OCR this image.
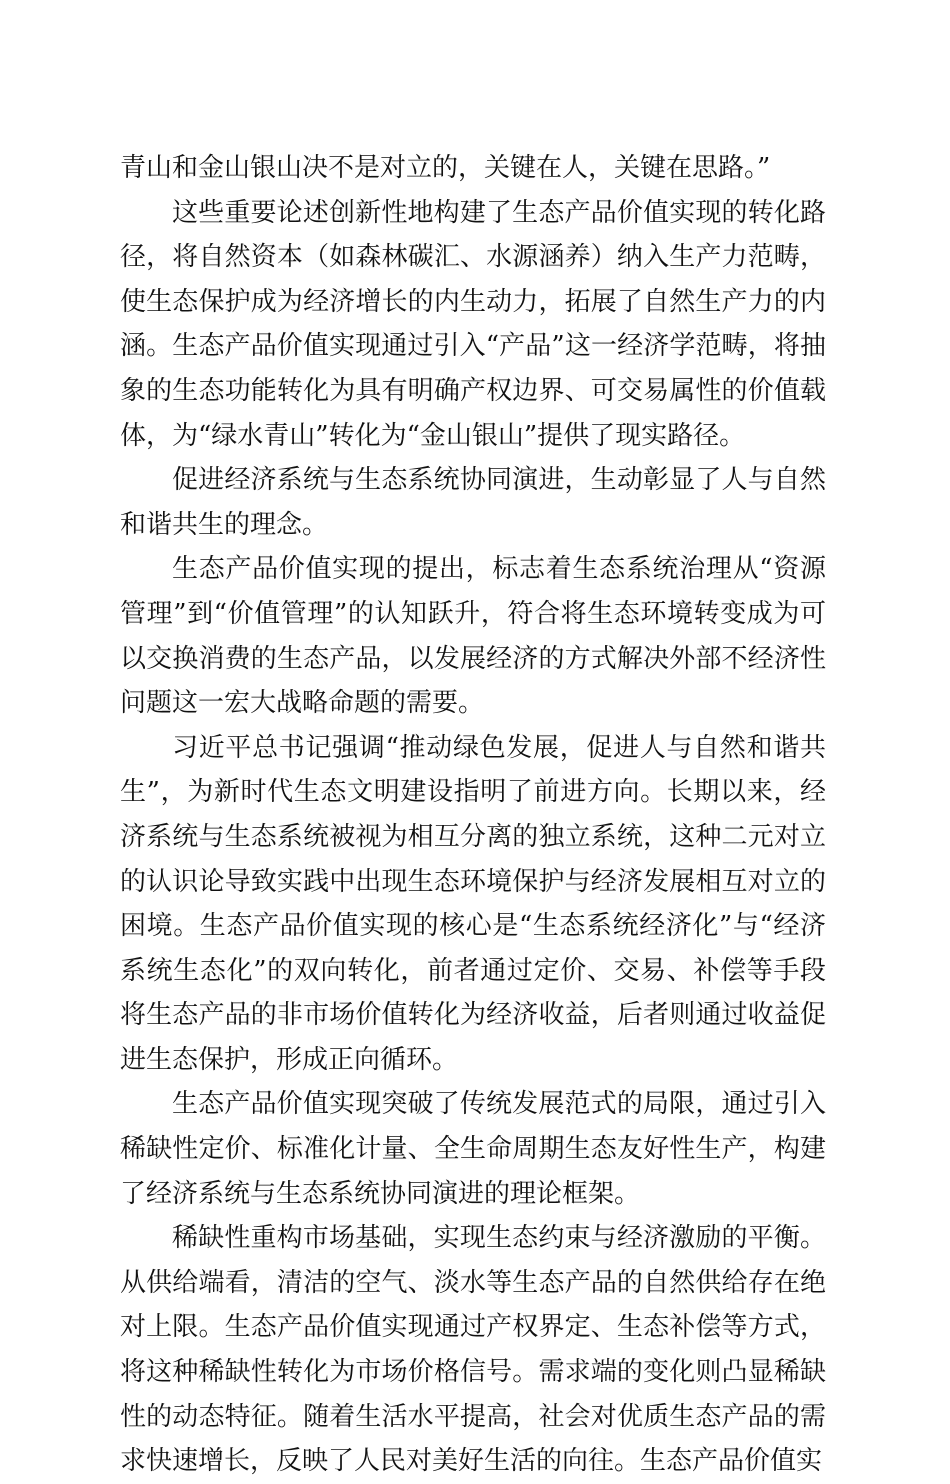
青山和金山银山决不是对立的，关键在人，关键在思路。”

这些重要论述创新性地构建了生态产品价值实现的转化路径，将自然资本（如森林碳汇、水源涵养）纳入生产力范畴，使生态保护成为经济增长的内生动力，拓展了自然生产力的内涵。生态产品价值实现通过引入“产品”这一经济学范畴，将抽象的生态功能转化为具有明确产权边界、可交易属性的价值载体，为“绿水青山”转化为“金山银山”提供了现实路径。

促进经济系统与生态系统协同演进，生动彰显了人与自然和谐共生的理念。

生态产品价值实现的提出，标志着生态系统治理从“资源管理”到“价值管理”的认知跃升，符合将生态环境转变成为可以交换消费的生态产品，以发展经济的方式解决外部不经济性问题这一宏大战略命题的需要。

习近平总书记强调“推动绿色发展，促进人与自然和谐共生”，为新时代生态文明建设指明了前进方向。长期以来，经济系统与生态系统被视为相互分离的独立系统，这种二元对立的认识论导致实践中出现生态环境保护与经济发展相互对立的困境。生态产品价值实现的核心是“生态系统经济化”与“经济系统生态化”的双向转化，前者通过定价、交易、补偿等手段将生态产品的非市场价值转化为经济收益，后者则通过收益促进生态保护，形成正向循环。

生态产品价值实现突破了传统发展范式的局限，通过引入稀缺性定价、标准化计量、全生命周期生态友好性生产，构建了经济系统与生态系统协同演进的理论框架。

稀缺性重构市场基础，实现生态约束与经济激励的平衡。从供给端看，清洁的空气、淡水等生态产品的自然供给存在绝对上限。生态产品价值实现通过产权界定、生态补偿等方式，将这种稀缺性转化为市场价格信号。需求端的变化则凸显稀缺性的动态特征。随着生活水平提高，社会对优质生态产品的需求快速增长，反映了人民对美好生活的向往。生态产品价值实
